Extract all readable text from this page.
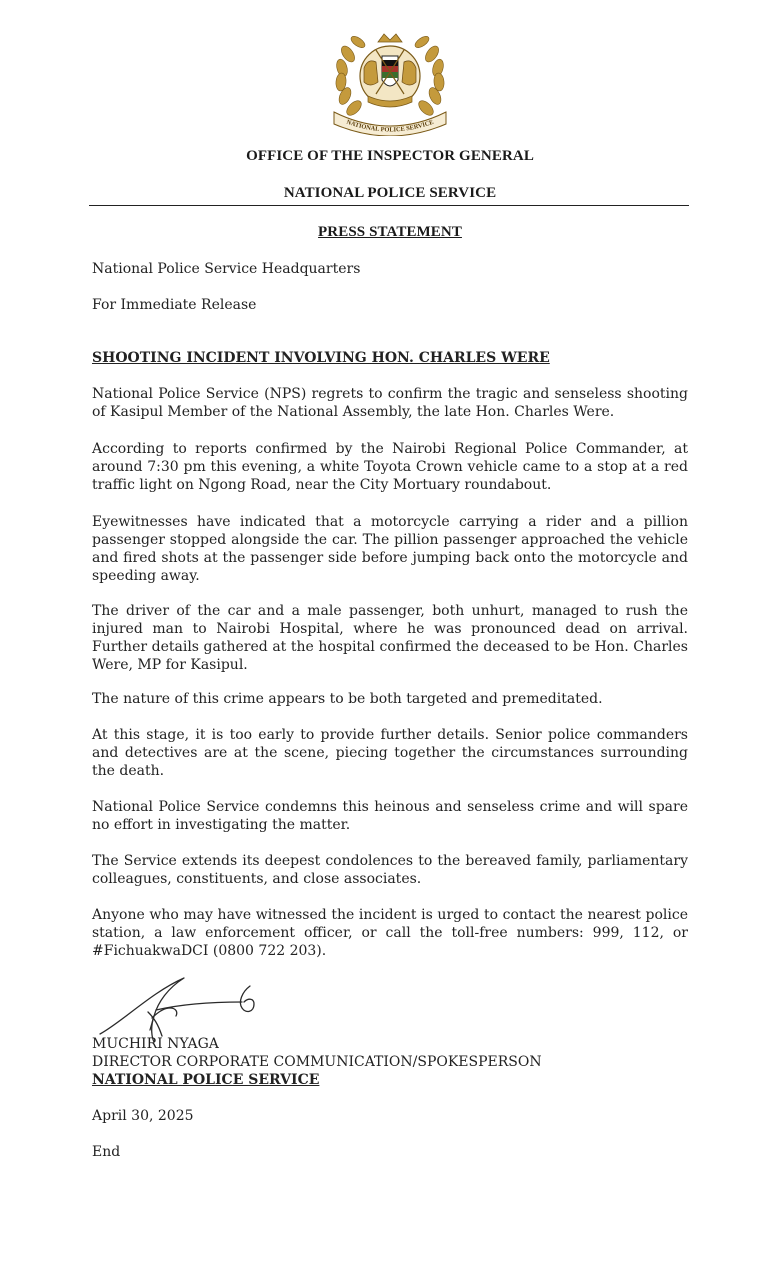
NATIONAL POLICE SERVICE
OFFICE OF THE INSPECTOR GENERAL
NATIONAL POLICE SERVICE
PRESS STATEMENT
National Police Service Headquarters
For Immediate Release
SHOOTING INCIDENT INVOLVING HON. CHARLES WERE
National Police Service (NPS) regrets to confirm the tragic and senseless shooting of Kasipul Member of the National Assembly, the late Hon. Charles Were.
According to reports confirmed by the Nairobi Regional Police Commander, at around 7:30 pm this evening, a white Toyota Crown vehicle came to a stop at a red traffic light on Ngong Road, near the City Mortuary roundabout.
Eyewitnesses have indicated that a motorcycle carrying a rider and a pillion passenger stopped alongside the car. The pillion passenger approached the vehicle and fired shots at the passenger side before jumping back onto the motorcycle and speeding away.
The driver of the car and a male passenger, both unhurt, managed to rush the injured man to Nairobi Hospital, where he was pronounced dead on arrival. Further details gathered at the hospital confirmed the deceased to be Hon. Charles Were, MP for Kasipul.
The nature of this crime appears to be both targeted and premeditated.
At this stage, it is too early to provide further details. Senior police commanders and detectives are at the scene, piecing together the circumstances surrounding the death.
National Police Service condemns this heinous and senseless crime and will spare no effort in investigating the matter.
The Service extends its deepest condolences to the bereaved family, parliamentary colleagues, constituents, and close associates.
Anyone who may have witnessed the incident is urged to contact the nearest police station, a law enforcement officer, or call the toll-free numbers: 999, 112, or #FichuakwaDCI (0800 722 203).
MUCHIRI NYAGA
DIRECTOR CORPORATE COMMUNICATION/SPOKESPERSON
NATIONAL POLICE SERVICE
April 30, 2025
End
